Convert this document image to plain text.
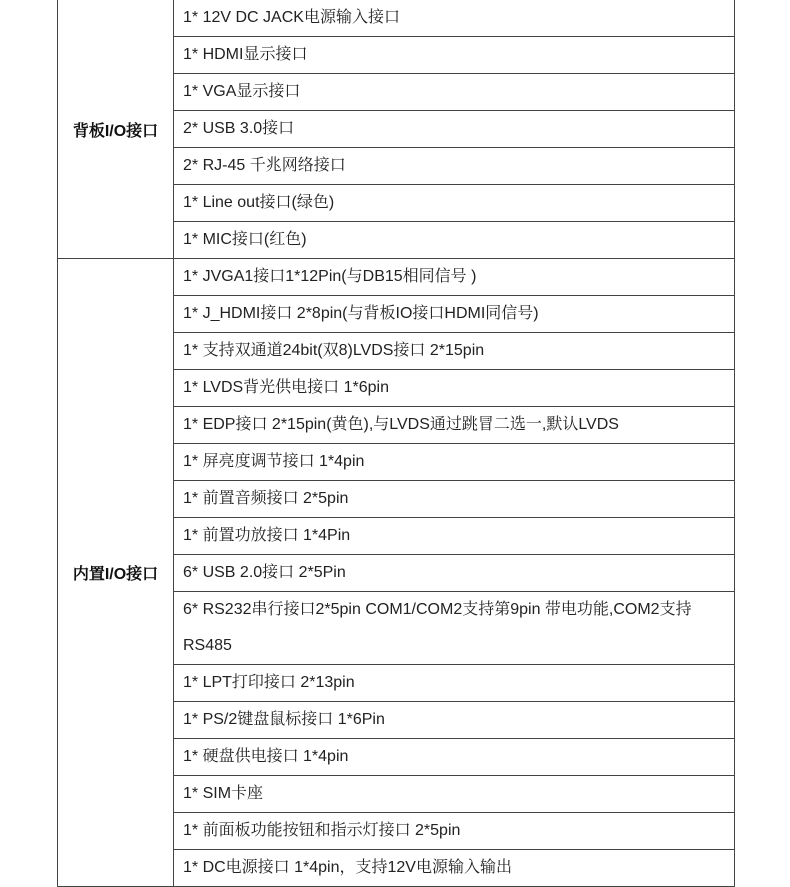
背板I/O接口	1* 12V DC JACK电源输入接口
	1* HDMI显示接口
	1* VGA显示接口
	2* USB 3.0接口
	2* RJ-45 千兆网络接口
	1* Line out接口(绿色)
	1* MIC接口(红色)
内置I/O接口	1* JVGA1接口1*12Pin(与DB15相同信号 )
	1* J_HDMI接口 2*8pin(与背板IO接口HDMI同信号)
	1* 支持双通道24bit(双8)LVDS接口 2*15pin
	1* LVDS背光供电接口 1*6pin
	1* EDP接口 2*15pin(黄色),与LVDS通过跳冒二选一,默认LVDS
	1* 屏亮度调节接口 1*4pin
	1* 前置音频接口 2*5pin
	1* 前置功放接口 1*4Pin
	6* USB 2.0接口 2*5Pin
	6* RS232串行接口2*5pin COM1/COM2支持第9pin 带电功能,COM2支持RS485
	1* LPT打印接口 2*13pin
	1* PS/2键盘鼠标接口 1*6Pin
	1* 硬盘供电接口 1*4pin
	1* SIM卡座
	1* 前面板功能按钮和指示灯接口 2*5pin
	1* DC电源接口 1*4pin，支持12V电源输入输出
